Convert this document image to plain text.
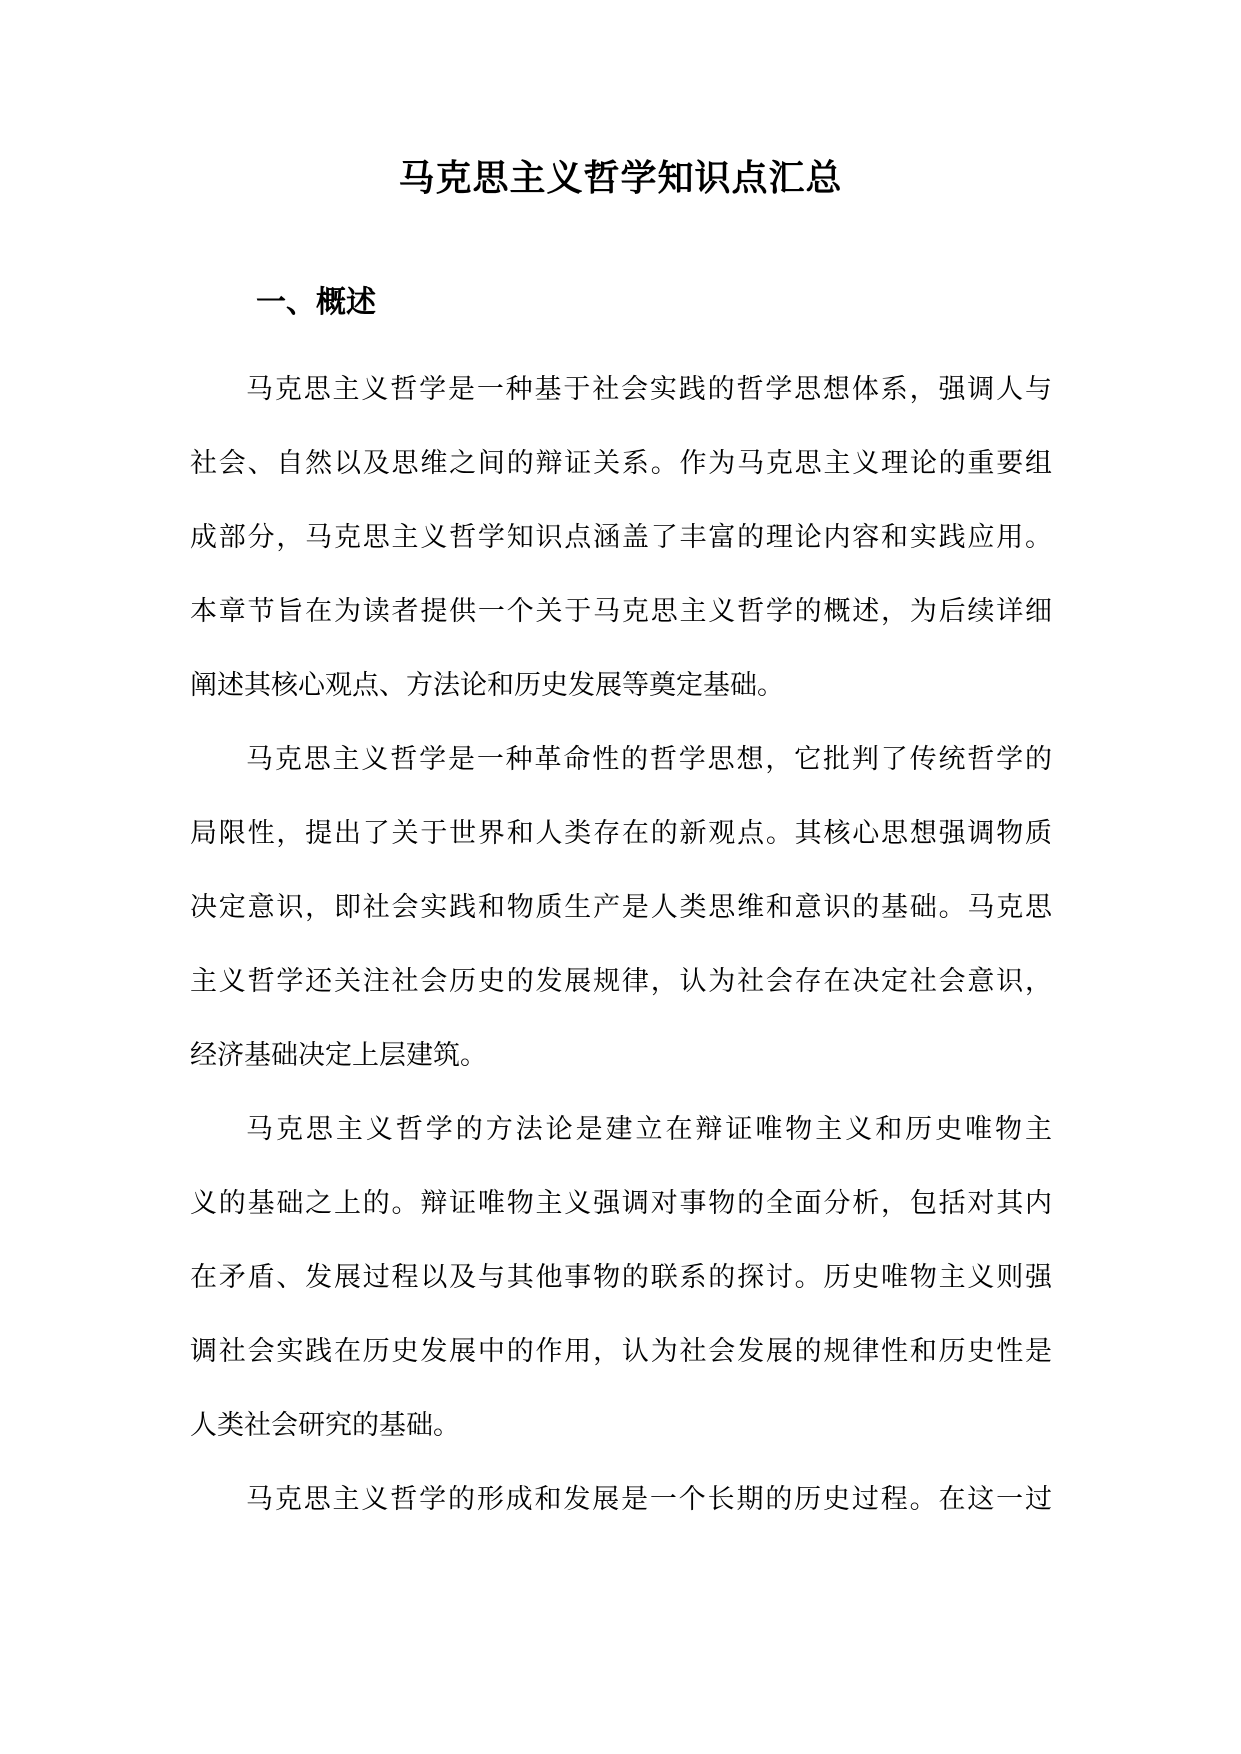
马克思主义哲学知识点汇总
一、概述
马克思主义哲学是一种基于社会实践的哲学思想体系，强调人与
社会、自然以及思维之间的辩证关系。作为马克思主义理论的重要组
成部分，马克思主义哲学知识点涵盖了丰富的理论内容和实践应用。
本章节旨在为读者提供一个关于马克思主义哲学的概述，为后续详细
阐述其核心观点、方法论和历史发展等奠定基础。
马克思主义哲学是一种革命性的哲学思想，它批判了传统哲学的
局限性，提出了关于世界和人类存在的新观点。其核心思想强调物质
决定意识，即社会实践和物质生产是人类思维和意识的基础。马克思
主义哲学还关注社会历史的发展规律，认为社会存在决定社会意识，
经济基础决定上层建筑。
马克思主义哲学的方法论是建立在辩证唯物主义和历史唯物主
义的基础之上的。辩证唯物主义强调对事物的全面分析，包括对其内
在矛盾、发展过程以及与其他事物的联系的探讨。历史唯物主义则强
调社会实践在历史发展中的作用，认为社会发展的规律性和历史性是
人类社会研究的基础。
马克思主义哲学的形成和发展是一个长期的历史过程。在这一过
